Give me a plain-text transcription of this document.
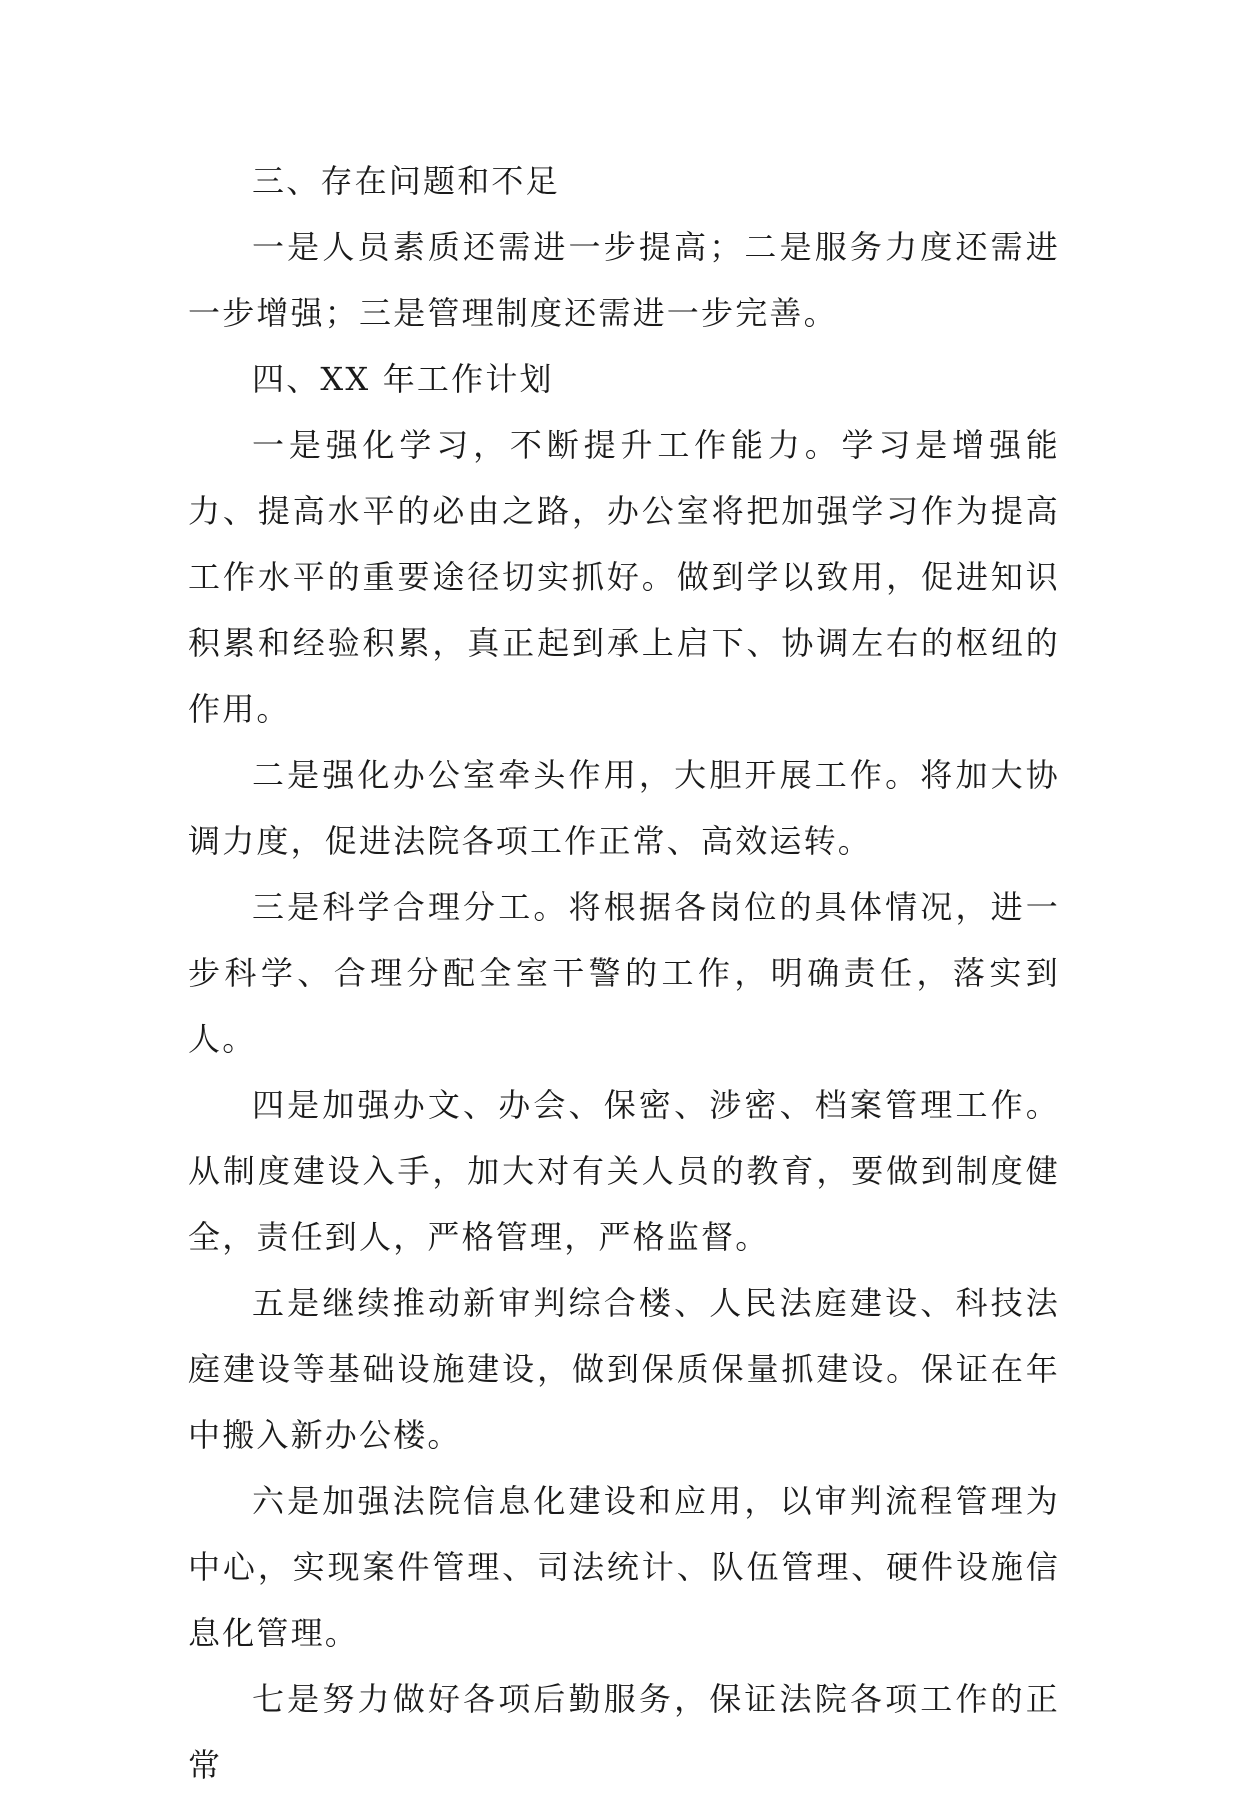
三、存在问题和不足

一是人员素质还需进一步提高；二是服务力度还需进一步增强；三是管理制度还需进一步完善。

四、XX 年工作计划

一是强化学习，不断提升工作能力。学习是增强能力、提高水平的必由之路，办公室将把加强学习作为提高工作水平的重要途径切实抓好。做到学以致用，促进知识积累和经验积累，真正起到承上启下、协调左右的枢纽的作用。

二是强化办公室牵头作用，大胆开展工作。将加大协调力度，促进法院各项工作正常、高效运转。

三是科学合理分工。将根据各岗位的具体情况，进一步科学、合理分配全室干警的工作，明确责任，落实到人。

四是加强办文、办会、保密、涉密、档案管理工作。从制度建设入手，加大对有关人员的教育，要做到制度健全，责任到人，严格管理，严格监督。

五是继续推动新审判综合楼、人民法庭建设、科技法庭建设等基础设施建设，做到保质保量抓建设。保证在年中搬入新办公楼。

六是加强法院信息化建设和应用，以审判流程管理为中心，实现案件管理、司法统计、队伍管理、硬件设施信息化管理。

七是努力做好各项后勤服务，保证法院各项工作的正常
